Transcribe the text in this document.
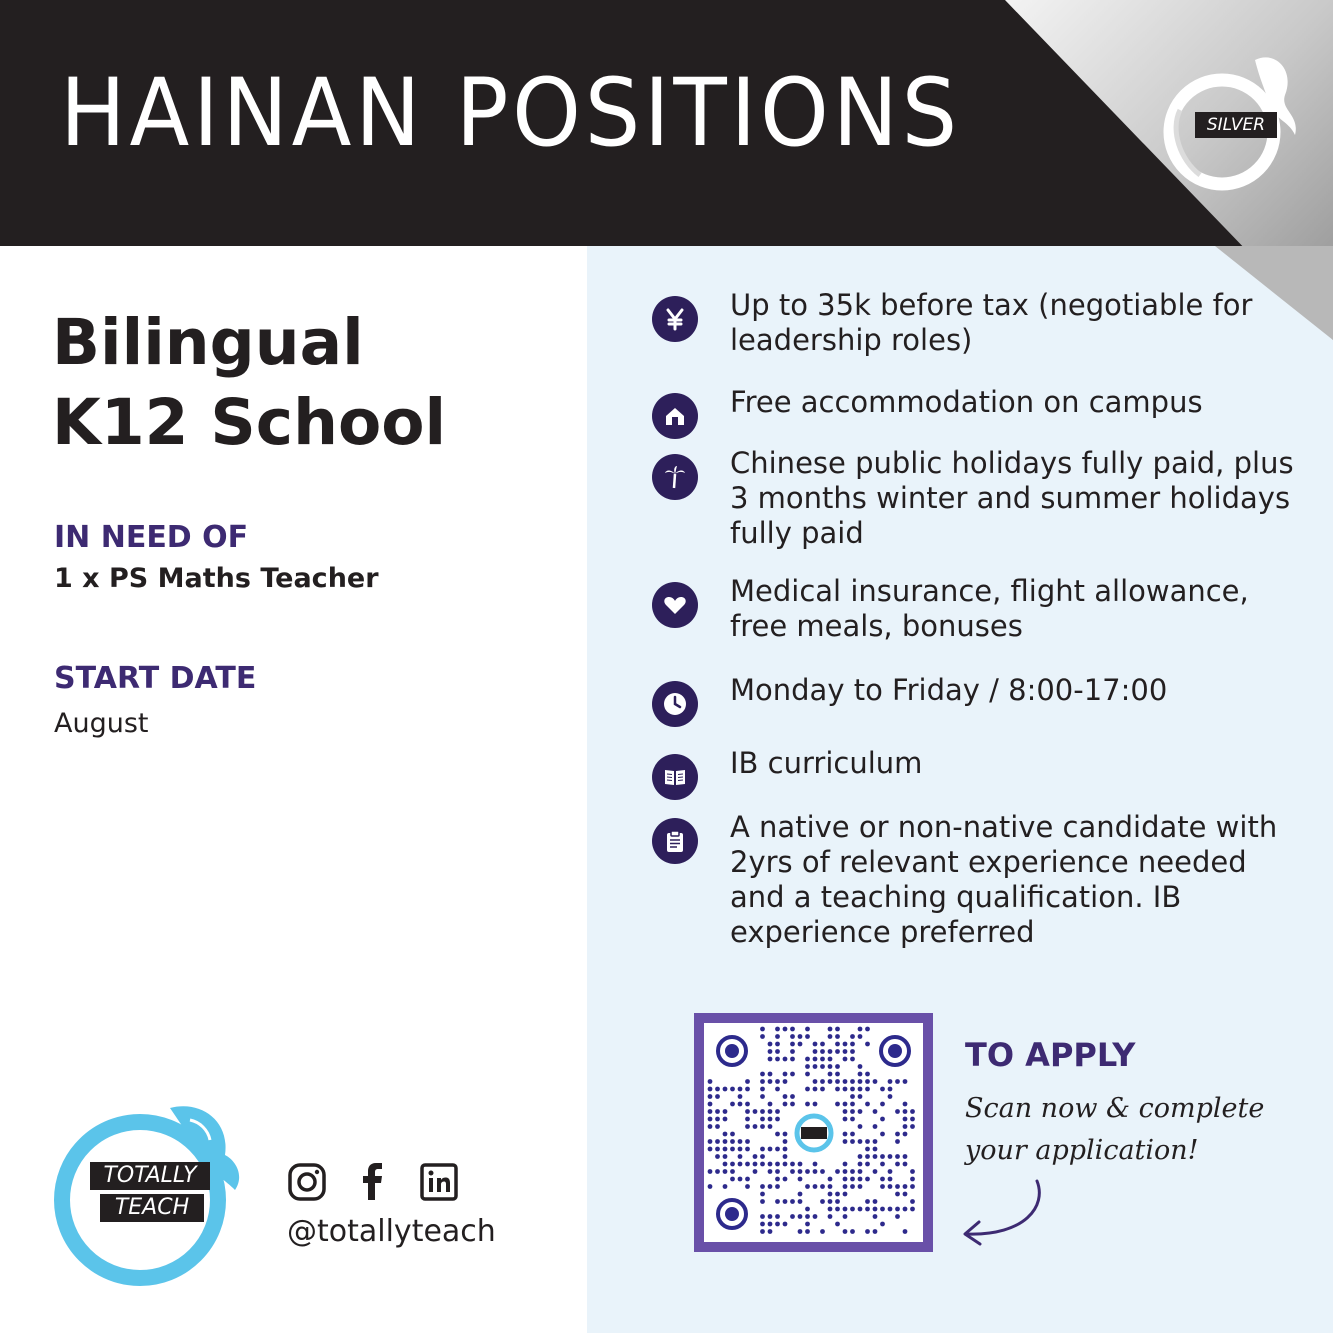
HAINAN POSITIONS	SILVER
Bilingual
K12 School
IN NEED OF
1 x PS Maths Teacher
START DATE
August
Up to 35k before tax (negotiable for leadership roles)
Free accommodation on campus
Chinese public holidays fully paid, plus 3 months winter and summer holidays fully paid
Medical insurance, flight allowance, free meals, bonuses
Monday to Friday / 8:00-17:00
IB curriculum
A native or non-native candidate with 2yrs of relevant experience needed and a teaching qualification. IB experience preferred
TO APPLY
Scan now & complete your application!
TOTALLY
TEACH
@totallyteach
